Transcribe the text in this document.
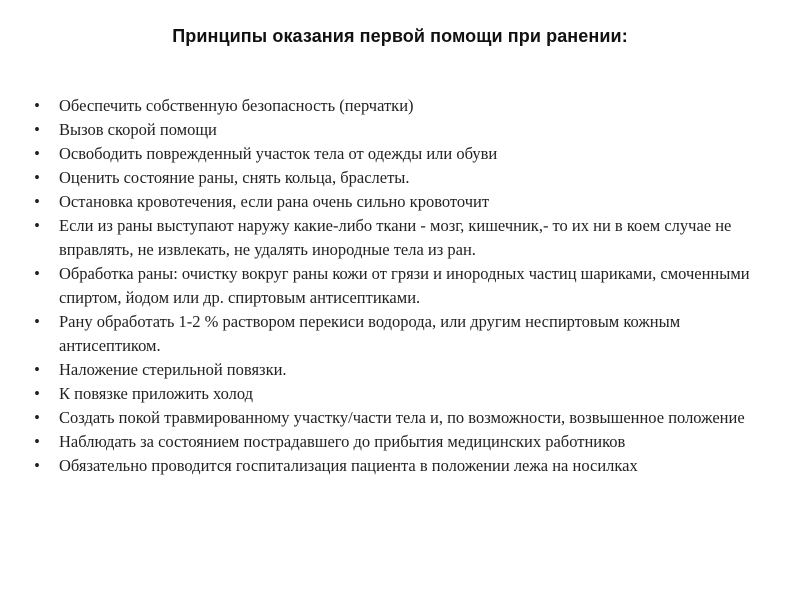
Принципы оказания первой помощи при ранении:
• Обеспечить собственную безопасность (перчатки)
• Вызов скорой помощи
• Освободить поврежденный участок тела от одежды или обуви
• Оценить состояние раны, снять кольца, браслеты.
• Остановка кровотечения, если рана очень сильно кровоточит
• Если из раны выступают наружу какие-либо ткани - мозг, кишечник,- то их ни в коем случае не вправлять, не извлекать, не удалять инородные тела из ран.
• Обработка раны: очистку вокруг раны кожи от грязи и инородных частиц шариками, смоченными спиртом, йодом или др. спиртовым антисептиками.
• Рану обработать 1-2 % раствором перекиси водорода, или другим неспиртовым кожным антисептиком.
• Наложение стерильной повязки.
• К повязке приложить холод
• Создать покой травмированному участку/части тела и, по возможности, возвышенное положение
• Наблюдать за состоянием пострадавшего до прибытия медицинских работников
• Обязательно проводится госпитализация пациента в положении лежа на носилках
